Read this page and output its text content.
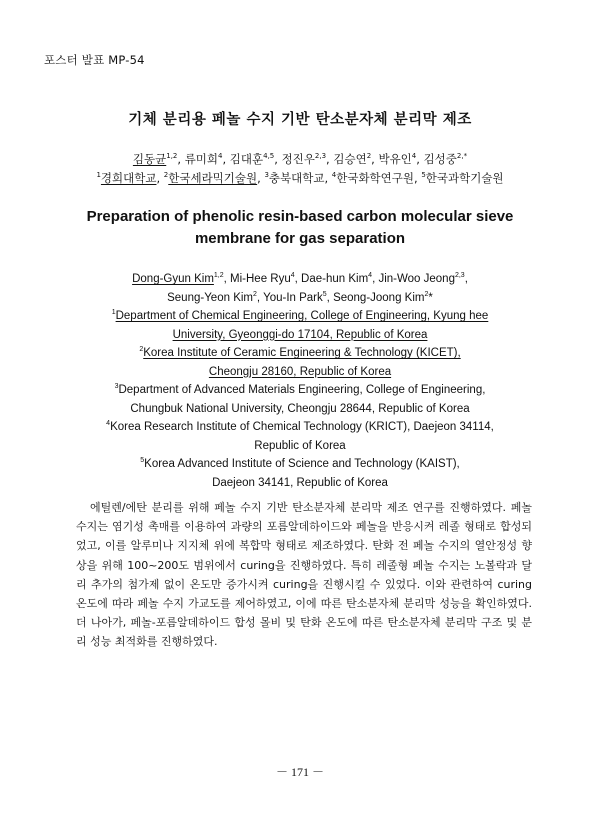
포스터 발표 MP-54
기체 분리용 페놀 수지 기반 탄소분자체 분리막 제조
김동균$^{1,2}$, 류미희$^4$, 김대훈$^{4,5}$, 정진우$^{2,3}$, 김승연$^2$, 박유인$^4$, 김성중$^{2,*}$
$^1$경희대학교, $^2$한국세라믹기술원, $^3$충북대학교, $^4$한국화학연구원, $^5$한국과학기술원
Preparation of phenolic resin-based carbon molecular sieve membrane for gas separation
Dong-Gyun Kim$^{1,2}$, Mi-Hee Ryu$^4$, Dae-hun Kim$^4$, Jin-Woo Jeong$^{2,3}$,
Seung-Yeon Kim$^2$, You-In Park$^5$, Seong-Joong Kim$^2$*
$^1$Department of Chemical Engineering, College of Engineering, Kyung hee
University, Gyeonggi-do 17104, Republic of Korea
$^2$Korea Institute of Ceramic Engineering & Technology (KICET),
Cheongju 28160, Republic of Korea
$^3$Department of Advanced Materials Engineering, College of Engineering,
Chungbuk National University, Cheongju 28644, Republic of Korea
$^4$Korea Research Institute of Chemical Technology (KRICT), Daejeon 34114,
Republic of Korea
$^5$Korea Advanced Institute of Science and Technology (KAIST),
Daejeon 34141, Republic of Korea

에틸렌/에탄 분리를 위해 페놀 수지 기반 탄소분자체 분리막 제조 연구를 진행하였다. 페놀 수지는 염기성 촉매를 이용하여 과량의 포름알데하이드와 페놀을 반응시켜 레졸 형태로 합성되었고, 이를 알루미나 지지체 위에 복합막 형태로 제조하였다. 탄화 전 페놀 수지의 열안정성 향상을 위해 100~200도 범위에서 curing을 진행하였다. 특히 레졸형 페놀 수지는 노볼락과 달리 추가의 첨가제 없이 온도만 증가시켜 curing을 진행시킬 수 있었다. 이와 관련하여 curing 온도에 따라 페놀 수지 가교도를 제어하였고, 이에 따른 탄소분자체 분리막 성능을 확인하였다. 더 나아가, 페놀-포름알데하이드 합성 몰비 및 탄화 온도에 따른 탄소분자체 분리막 구조 및 분리 성능 최적화를 진행하였다.

－ 171 －
